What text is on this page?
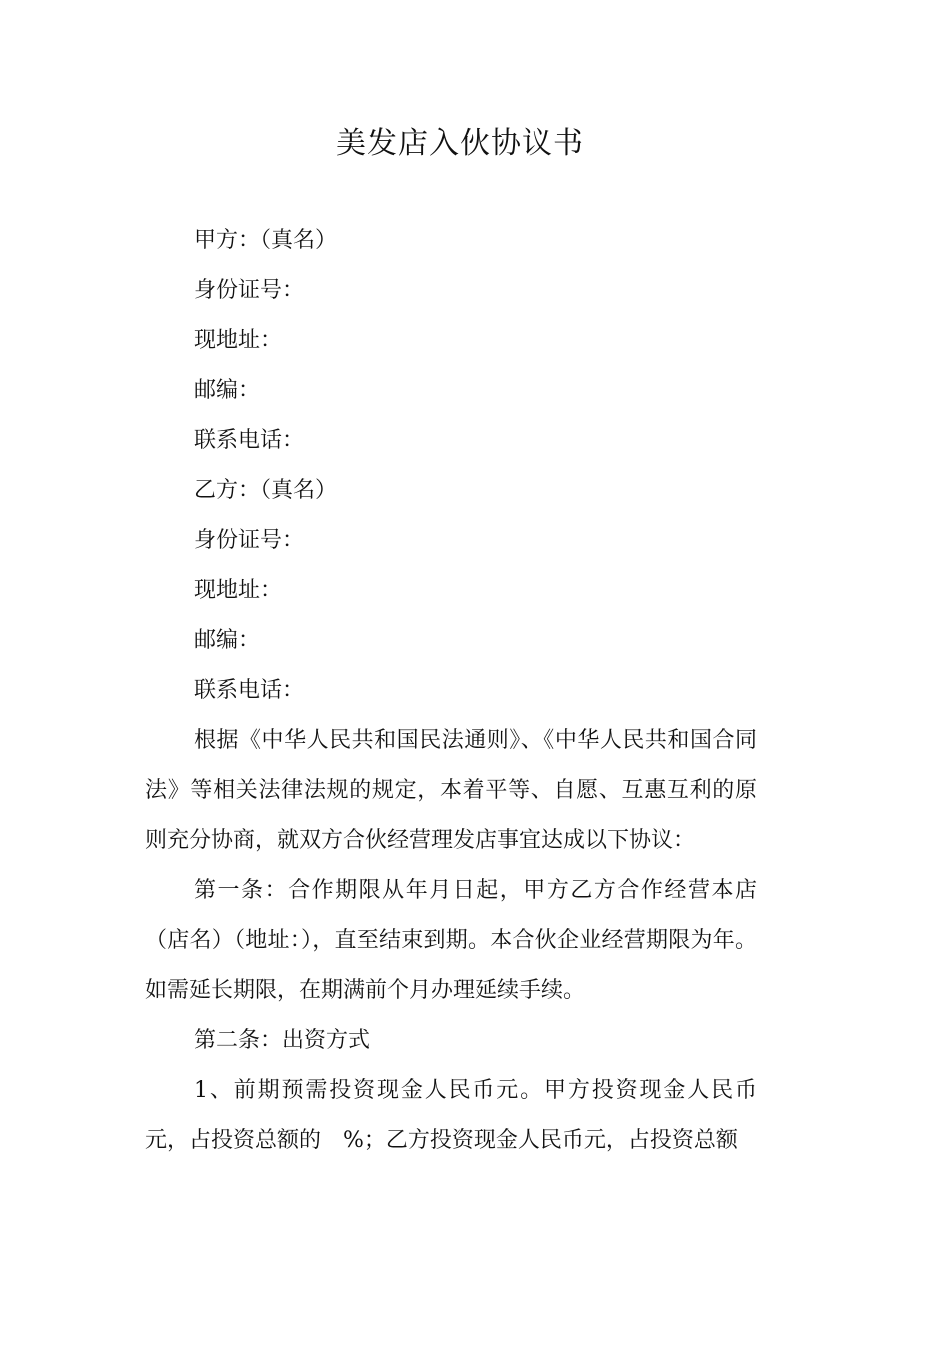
美发店入伙协议书
甲方：（真名）
身份证号：
现地址：
邮编：
联系电话：
乙方：（真名）
身份证号：
现地址：
邮编：
联系电话：
根据《中华人民共和国民法通则》、《中华人民共和国合同法》等相关法律法规的规定，本着平等、自愿、互惠互利的原则充分协商，就双方合伙经营理发店事宜达成以下协议：
第一条：合作期限从年月日起，甲方乙方合作经营本店（店名）（地址：），直至结束到期。本合伙企业经营期限为年。如需延长期限，在期满前个月办理延续手续。
第二条：出资方式
1、前期预需投资现金人民币元。甲方投资现金人民币元，占投资总额的　%；乙方投资现金人民币元，占投资总额
